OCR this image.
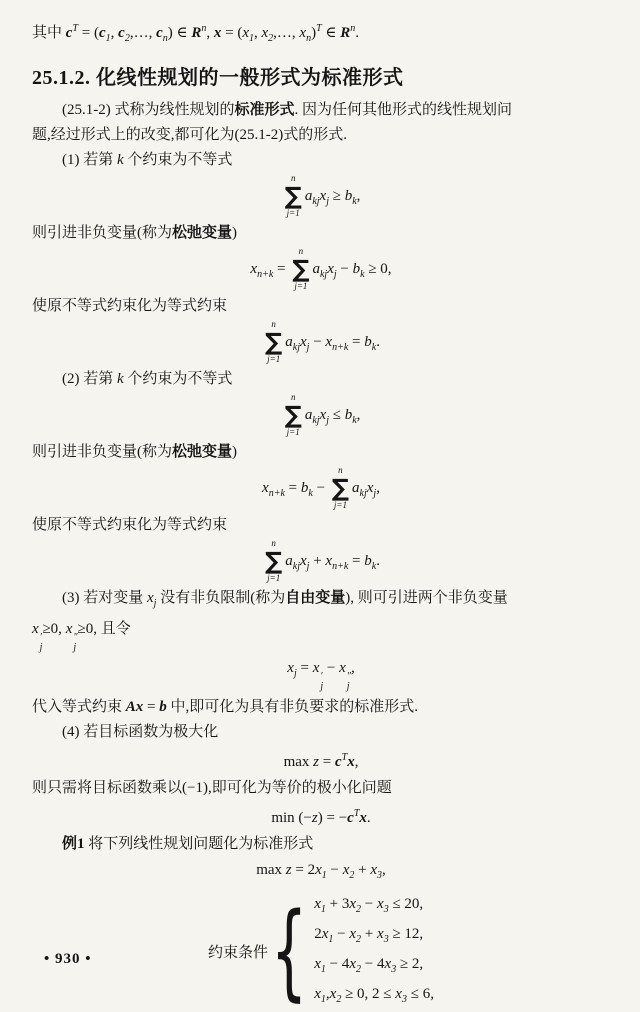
其中 $c^T = (c_1$, $c_2,\dots$, $c_n$) ∈ $R^n$, $x = (x_1$, $x_2,\dots$, $x_n)^T$ ∈ $R^n$.
25.1.2. 化线性规划的一般形式为标准形式
(25.1-2) 式称为线性规划的标准形式. 因为任何其他形式的线性规划问
题,经过形式上的改变,都可化为(25.1-2)式的形式.
(1) 若第 k 个约束为不等式
n
∑
j=1
$a_{kj}x_j \ge b_k$,
则引进非负变量(称为松弛变量)
$x_{n+k}$ =
n
∑
j=1
$a_{kj}x_j - b_k \ge 0$,
使原不等式约束化为等式约束
n
∑
j=1
$a_{kj}x_j - x_{n+k} = b_k$.
(2) 若第 k 个约束为不等式
n
∑
j=1
$a_{kj}x_j \le b_k$,
则引进非负变量(称为松弛变量)
$x_{n+k} = b_k$ −
n
∑
j=1
$a_{kj}x_j$,
使原不等式约束化为等式约束
n
∑
j=1
$a_{kj}x_j + x_{n+k} = b_k$.
(3) 若对变量 $x_j$ 没有非负限制(称为自由变量), 则可引进两个非负变量
x
′
j
≥0, x
″
j
≥0, 且令
$x_j = x$
′
j
− x
″
j
,
代入等式约束 Ax = b 中,即可化为具有非负要求的标准形式.
(4) 若目标函数为极大化
$\max z = c^Tx$,
则只需将目标函数乘以(−1),即可化为等价的极小化问题
$\min (-z) = -c^Tx$.
例1 将下列线性规划问题化为标准形式
$\max z = 2x_1 - x_2 + x_3$,
约束条件 { $x_1 + 3x_2 - x_3 \le 20$,
$2x_1 - x_2 + x_3 \ge 12$,
$x_1 - 4x_2 - 4x_3 \ge 2$,
$x_1,x_2 \ge 0$, $2 \le x_3 \le 6$,
• 930 •
